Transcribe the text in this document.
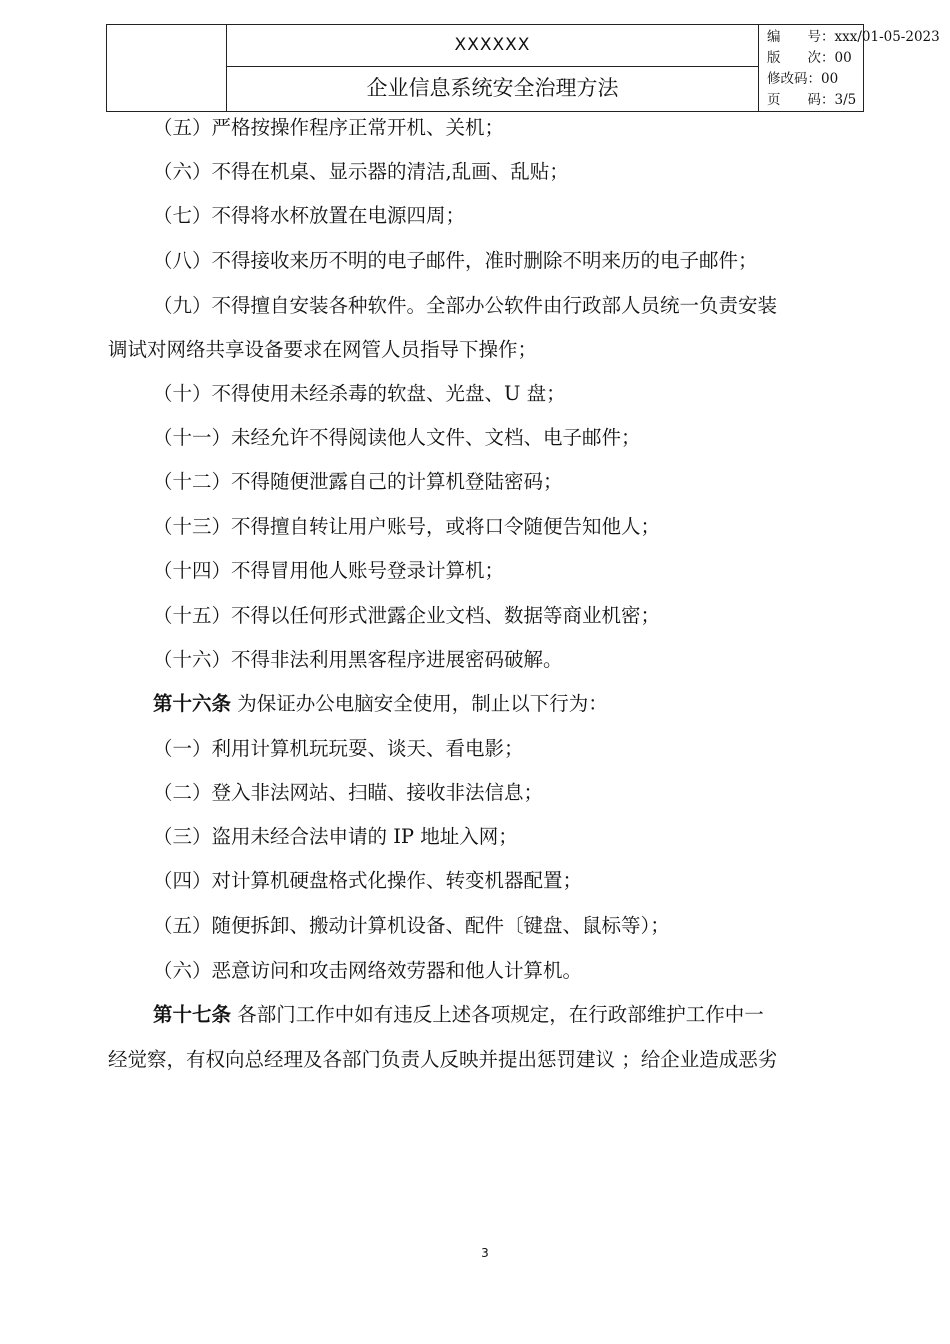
XXXXXX
企业信息系统安全治理方法
编　　号：xxx/01-05-2023
版　　次：00
修改码：00
页　　码：3/5
（五）严格按操作程序正常开机、关机；
（六）不得在机桌、显示器的清洁,乱画、乱贴；
（七）不得将水杯放置在电源四周；
（八）不得接收来历不明的电子邮件，准时删除不明来历的电子邮件；
（九）不得擅自安装各种软件。全部办公软件由行政部人员统一负责安装
调试对网络共享设备要求在网管人员指导下操作；
（十）不得使用未经杀毒的软盘、光盘、U 盘；
（十一）未经允许不得阅读他人文件、文档、电子邮件；
（十二）不得随便泄露自己的计算机登陆密码；
（十三）不得擅自转让用户账号，或将口令随便告知他人；
（十四）不得冒用他人账号登录计算机；
（十五）不得以任何形式泄露企业文档、数据等商业机密；
（十六）不得非法利用黑客程序进展密码破解。
第十六条 为保证办公电脑安全使用，制止以下行为：
（一）利用计算机玩玩耍、谈天、看电影；
（二）登入非法网站、扫瞄、接收非法信息；
（三）盗用未经合法申请的 IP 地址入网；
（四）对计算机硬盘格式化操作、转变机器配置；
（五）随便拆卸、搬动计算机设备、配件〔键盘、鼠标等）；
（六）恶意访问和攻击网络效劳器和他人计算机。
第十七条 各部门工作中如有违反上述各项规定，在行政部维护工作中一
经觉察，有权向总经理及各部门负责人反映并提出惩罚建议 ；给企业造成恶劣
3
